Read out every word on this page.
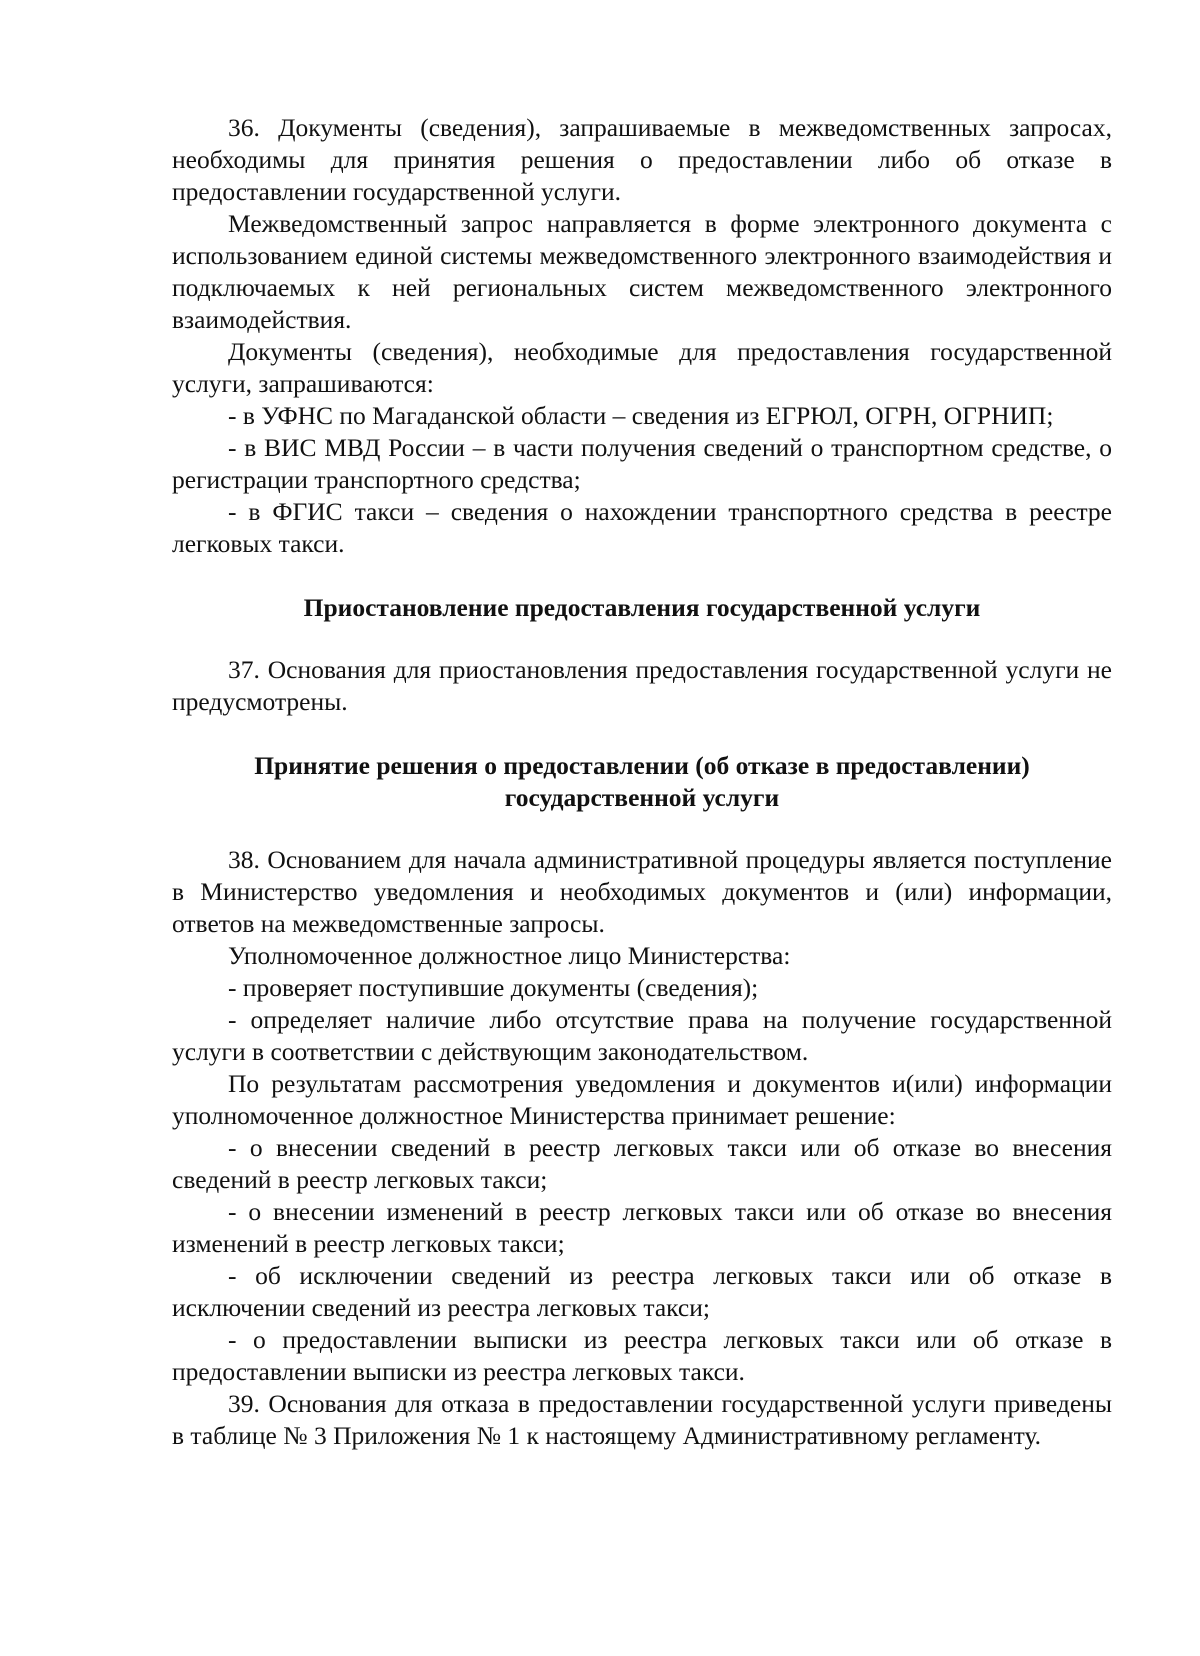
36. Документы (сведения), запрашиваемые в межведомственных запросах, необходимы для принятия решения о предоставлении либо об отказе в предоставлении государственной услуги.

Межведомственный запрос направляется в форме электронного документа с использованием единой системы межведомственного электронного взаимодействия и подключаемых к ней региональных систем межведомственного электронного взаимодействия.

Документы (сведения), необходимые для предоставления государственной услуги, запрашиваются:

- в УФНС по Магаданской области – сведения из ЕГРЮЛ, ОГРН, ОГРНИП;

- в ВИС МВД России – в части получения сведений о транспортном средстве, о регистрации транспортного средства;

- в ФГИС такси – сведения о нахождении транспортного средства в реестре легковых такси.

Приостановление предоставления государственной услуги

37. Основания для приостановления предоставления государственной услуги не предусмотрены.

Принятие решения о предоставлении (об отказе в предоставлении)
государственной услуги

38. Основанием для начала административной процедуры является поступление в Министерство уведомления и необходимых документов и (или) информации, ответов на межведомственные запросы.

Уполномоченное должностное лицо Министерства:

- проверяет поступившие документы (сведения);

- определяет наличие либо отсутствие права на получение государственной услуги в соответствии с действующим законодательством.

По результатам рассмотрения уведомления и документов и(или) информации уполномоченное должностное Министерства принимает решение:

- о внесении сведений в реестр легковых такси или об отказе во внесения сведений в реестр легковых такси;

- о внесении изменений в реестр легковых такси или об отказе во внесения изменений в реестр легковых такси;

- об исключении сведений из реестра легковых такси или об отказе в исключении сведений из реестра легковых такси;

- о предоставлении выписки из реестра легковых такси или об отказе в предоставлении выписки из реестра легковых такси.

39. Основания для отказа в предоставлении государственной услуги приведены в таблице № 3 Приложения № 1 к настоящему Административному регламенту.
